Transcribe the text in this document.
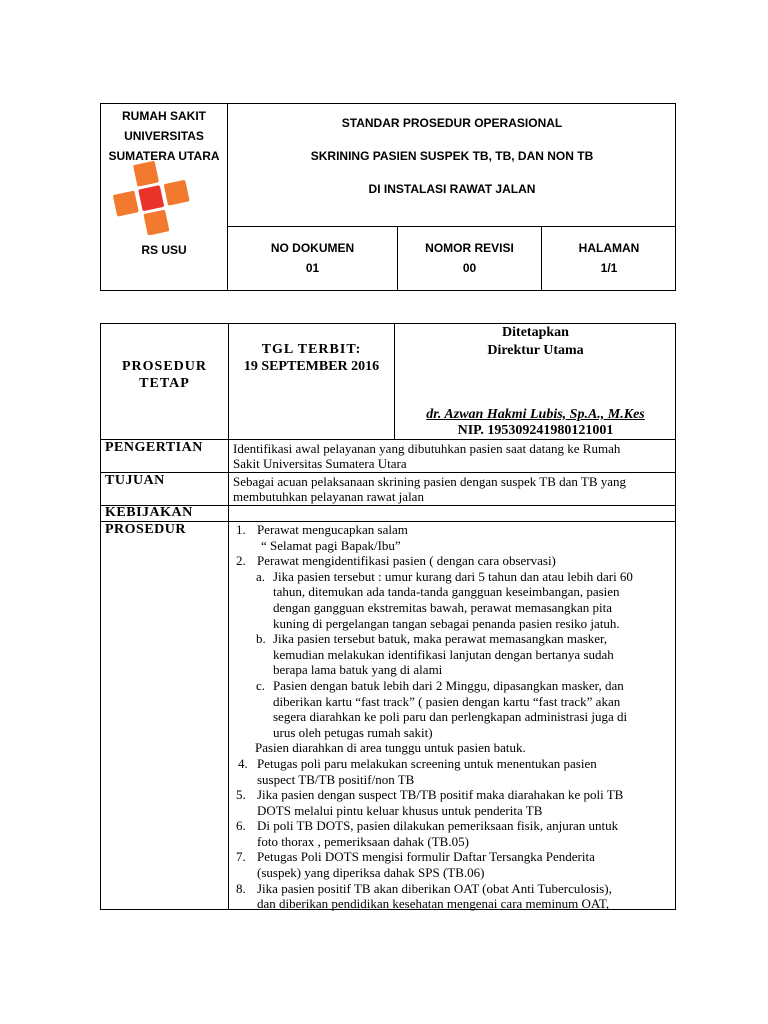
RUMAH SAKIT
UNIVERSITAS
SUMATERA UTARA
RS USU
STANDAR PROSEDUR OPERASIONAL
SKRINING PASIEN SUSPEK TB, TB, DAN NON TB
DI INSTALASI RAWAT JALAN
NO DOKUMEN
01
NOMOR REVISI
00
HALAMAN
1/1
PROSEDUR
TETAP
TGL TERBIT:
19 SEPTEMBER 2016
Ditetapkan
Direktur Utama
dr. Azwan Hakmi Lubis, Sp.A., M.Kes
NIP. 195309241980121001
PENGERTIAN Identifikasi awal pelayanan yang dibutuhkan pasien saat datang ke Rumah
Sakit Universitas Sumatera Utara
TUJUAN	Sebagai acuan pelaksanaan skrining pasien dengan suspek TB dan TB yang
membutuhkan pelayanan rawat jalan
KEBIJAKAN
PROSEDUR	1. Perawat mengucapkan salam
“ Selamat pagi Bapak/Ibu”
2. Perawat mengidentifikasi pasien ( dengan cara observasi)
a. Jika pasien tersebut : umur kurang dari 5 tahun dan atau lebih dari 60
tahun, ditemukan ada tanda-tanda gangguan keseimbangan, pasien
dengan gangguan ekstremitas bawah, perawat memasangkan pita
kuning di pergelangan tangan sebagai penanda pasien resiko jatuh.
b. Jika pasien tersebut batuk, maka perawat memasangkan masker,
kemudian melakukan identifikasi lanjutan dengan bertanya sudah
berapa lama batuk yang di alami
c. Pasien dengan batuk lebih dari 2 Minggu, dipasangkan masker, dan
diberikan kartu “fast track” ( pasien dengan kartu “fast track” akan
segera diarahkan ke poli paru dan perlengkapan administrasi juga di
urus oleh petugas rumah sakit)
Pasien diarahkan di area tunggu untuk pasien batuk.
4. Petugas poli paru melakukan screening untuk menentukan pasien
suspect TB/TB positif/non TB
5. Jika pasien dengan suspect TB/TB positif maka diarahakan ke poli TB
DOTS melalui pintu keluar khusus untuk penderita TB
6. Di poli TB DOTS, pasien dilakukan pemeriksaan fisik, anjuran untuk
foto thorax , pemeriksaan dahak (TB.05)
7. Petugas Poli DOTS mengisi formulir Daftar Tersangka Penderita
(suspek) yang diperiksa dahak SPS (TB.06)
8. Jika pasien positif TB akan diberikan OAT (obat Anti Tuberculosis),
dan diberikan pendidikan kesehatan mengenai cara meminum OAT,
